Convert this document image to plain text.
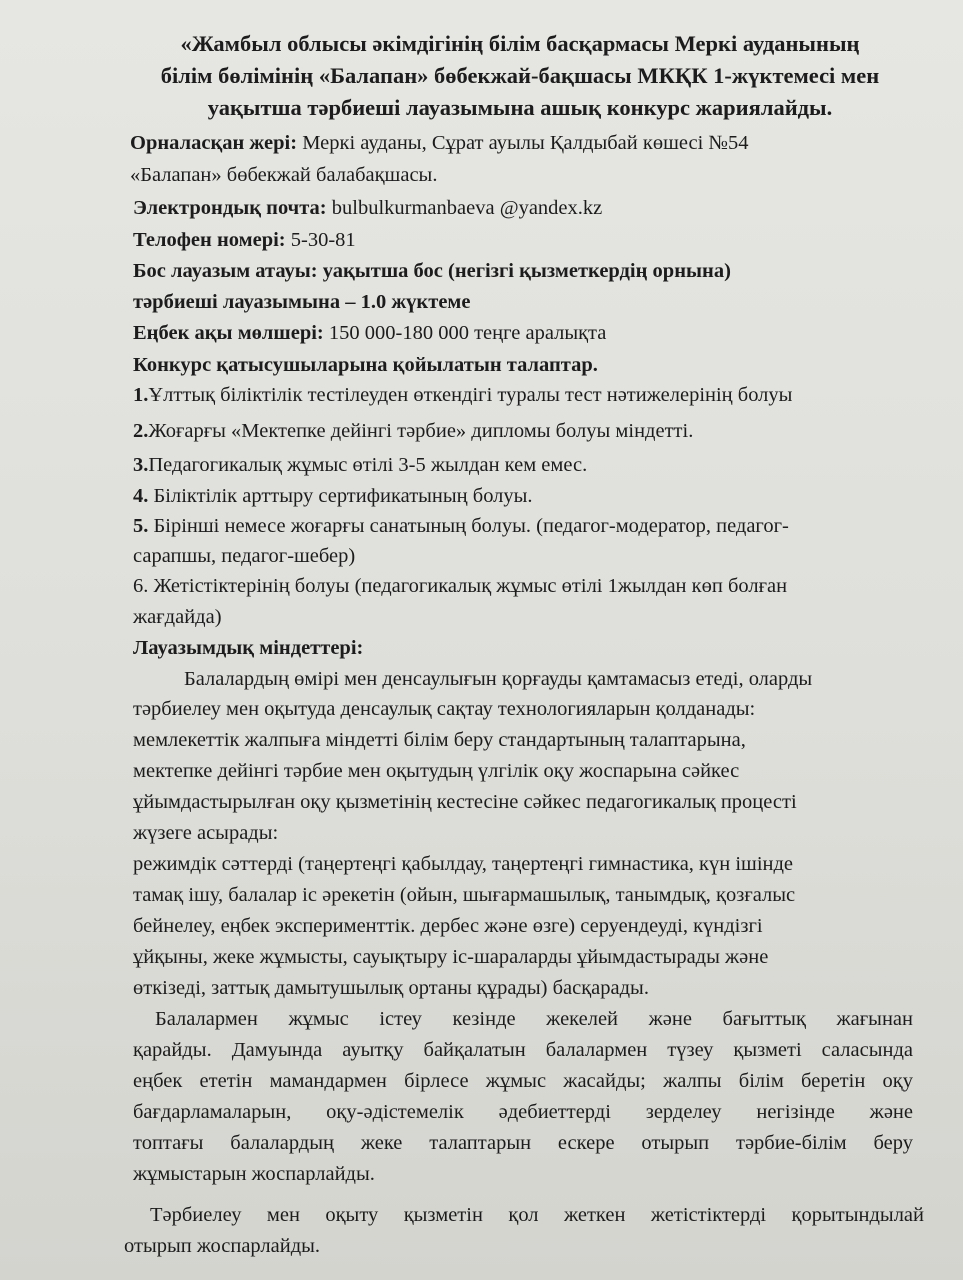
«Жамбыл облысы әкімдігінің білім басқармасы Меркі ауданының
білім бөлімінің «Балапан» бөбекжай-бақшасы МКҚК 1-жүктемесі мен
уақытша тәрбиеші лауазымына ашық конкурс жариялайды.
Орналасқан жері: Меркі ауданы, Сұрат ауылы Қалдыбай көшесі №54
«Балапан» бөбекжай балабақшасы.
Электрондық почта: bulbulkurmanbaeva @yandex.kz
Телофен номері: 5-30-81
Бос лауазым атауы: уақытша бос (негізгі қызметкердің орнына)
тәрбиеші лауазымына – 1.0 жүктеме
Еңбек ақы мөлшері: 150 000-180 000 теңге аралықта
Конкурс қатысушыларына қойылатын талаптар.
1.Ұлттық біліктілік тестілеуден өткендігі туралы тест нәтижелерінің болуы
2.Жоғарғы «Мектепке дейінгі тәрбие» дипломы болуы міндетті.
3.Педагогикалық жұмыс өтілі 3-5 жылдан кем емес.
4. Біліктілік арттыру сертификатының болуы.
5. Бірінші немесе жоғарғы санатының болуы. (педагог-модератор, педагог-
сарапшы, педагог-шебер)
6. Жетістіктерінің болуы (педагогикалық жұмыс өтілі 1жылдан көп болған
жағдайда)
Лауазымдық міндеттері:
Балалардың өмірі мен денсаулығын қорғауды қамтамасыз етеді, оларды
тәрбиелеу мен оқытуда денсаулық сақтау технологияларын қолданады:
мемлекеттік жалпыға міндетті білім беру стандартының талаптарына,
мектепке дейінгі тәрбие мен оқытудың үлгілік оқу жоспарына сәйкес
ұйымдастырылған оқу қызметінің кестесіне сәйкес педагогикалық процесті
жүзеге асырады:
режимдік сәттерді (таңертеңгі қабылдау, таңертеңгі гимнастика, күн ішінде
тамақ ішу, балалар іс әрекетін (ойын, шығармашылық, танымдық, қозғалыс
бейнелеу, еңбек эксперименттік. дербес және өзге) серуендеуді, күндізгі
ұйқыны, жеке жұмысты, сауықтыру іс-шараларды ұйымдастырады және
өткізеді, заттық дамытушылық ортаны құрады) басқарады.
Балалармен жұмыс істеу кезінде жекелей және бағыттық жағынан
қарайды. Дамуында ауытқу байқалатын балалармен түзеу қызметі саласында
еңбек ететін мамандармен бірлесе жұмыс жасайды; жалпы білім беретін оқу
бағдарламаларын, оқу-әдістемелік әдебиеттерді зерделеу негізінде және
топтағы балалардың жеке талаптарын ескере отырып тәрбие-білім беру
жұмыстарын жоспарлайды.
Тәрбиелеу мен оқыту қызметін қол жеткен жетістіктерді қорытындылай
отырып жоспарлайды.
